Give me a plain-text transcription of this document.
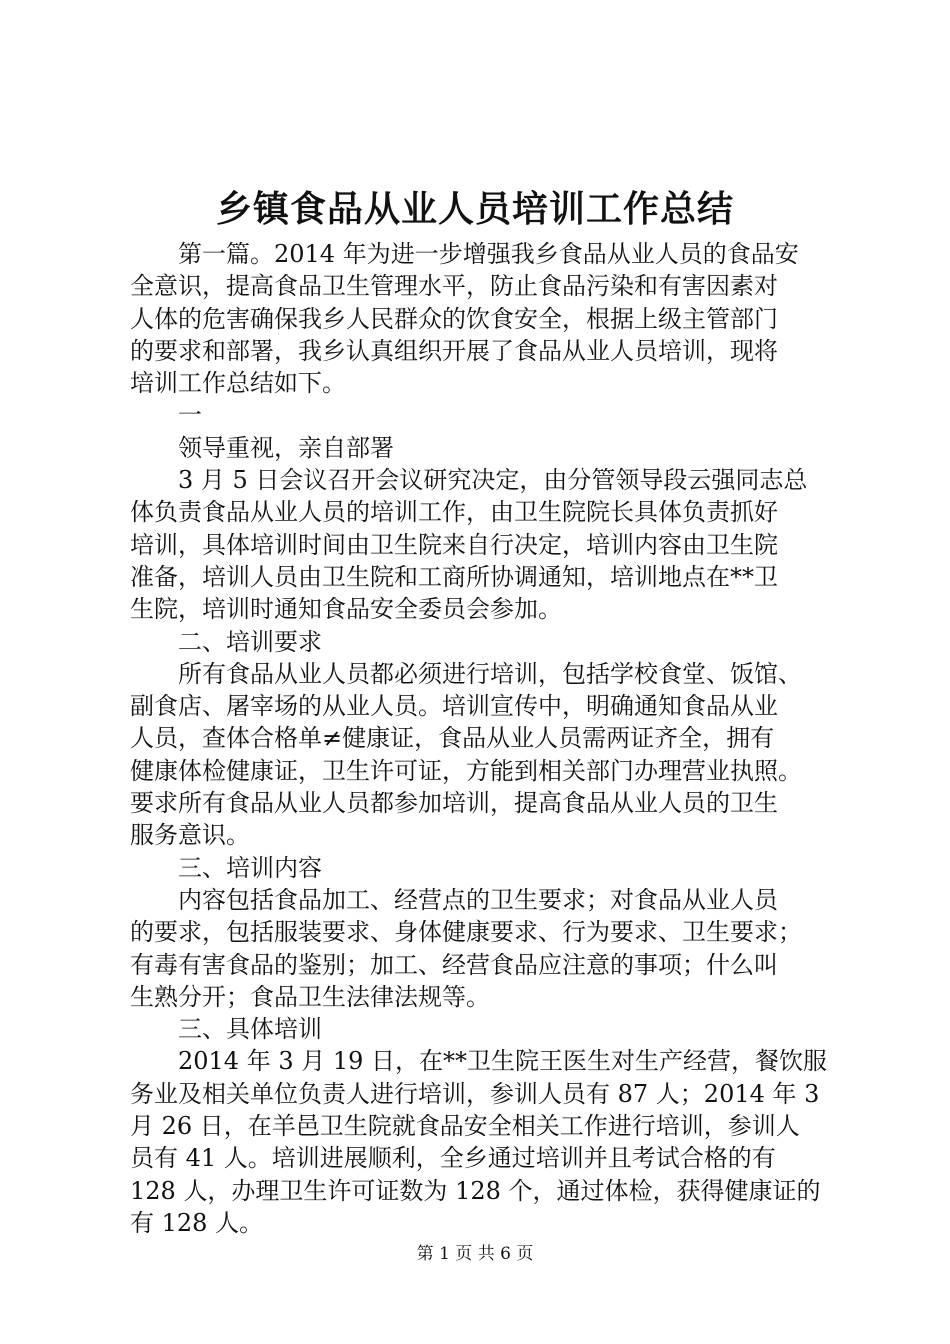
乡镇食品从业人员培训工作总结

第一篇。2014 年为进一步增强我乡食品从业人员的食品安

全意识，提高食品卫生管理水平，防止食品污染和有害因素对

人体的危害确保我乡人民群众的饮食安全，根据上级主管部门

的要求和部署，我乡认真组织开展了食品从业人员培训，现将

培训工作总结如下。

一

领导重视，亲自部署

3 月 5 日会议召开会议研究决定，由分管领导段云强同志总

体负责食品从业人员的培训工作，由卫生院院长具体负责抓好

培训，具体培训时间由卫生院来自行决定，培训内容由卫生院

准备，培训人员由卫生院和工商所协调通知，培训地点在**卫

生院，培训时通知食品安全委员会参加。

二、培训要求

所有食品从业人员都必须进行培训，包括学校食堂、饭馆、

副食店、屠宰场的从业人员。培训宣传中，明确通知食品从业

人员，查体合格单≠健康证，食品从业人员需两证齐全，拥有

健康体检健康证，卫生许可证，方能到相关部门办理营业执照。

要求所有食品从业人员都参加培训，提高食品从业人员的卫生

服务意识。

三、培训内容

内容包括食品加工、经营点的卫生要求；对食品从业人员

的要求，包括服装要求、身体健康要求、行为要求、卫生要求；

有毒有害食品的鉴别；加工、经营食品应注意的事项；什么叫

生熟分开；食品卫生法律法规等。

三、具体培训

2014 年 3 月 19 日，在**卫生院王医生对生产经营，餐饮服

务业及相关单位负责人进行培训，参训人员有 87 人；2014 年 3

月 26 日，在羊邑卫生院就食品安全相关工作进行培训，参训人

员有 41 人。培训进展顺利，全乡通过培训并且考试合格的有

128 人，办理卫生许可证数为 128 个，通过体检，获得健康证的

有 128 人。

第 1 页 共 6 页
